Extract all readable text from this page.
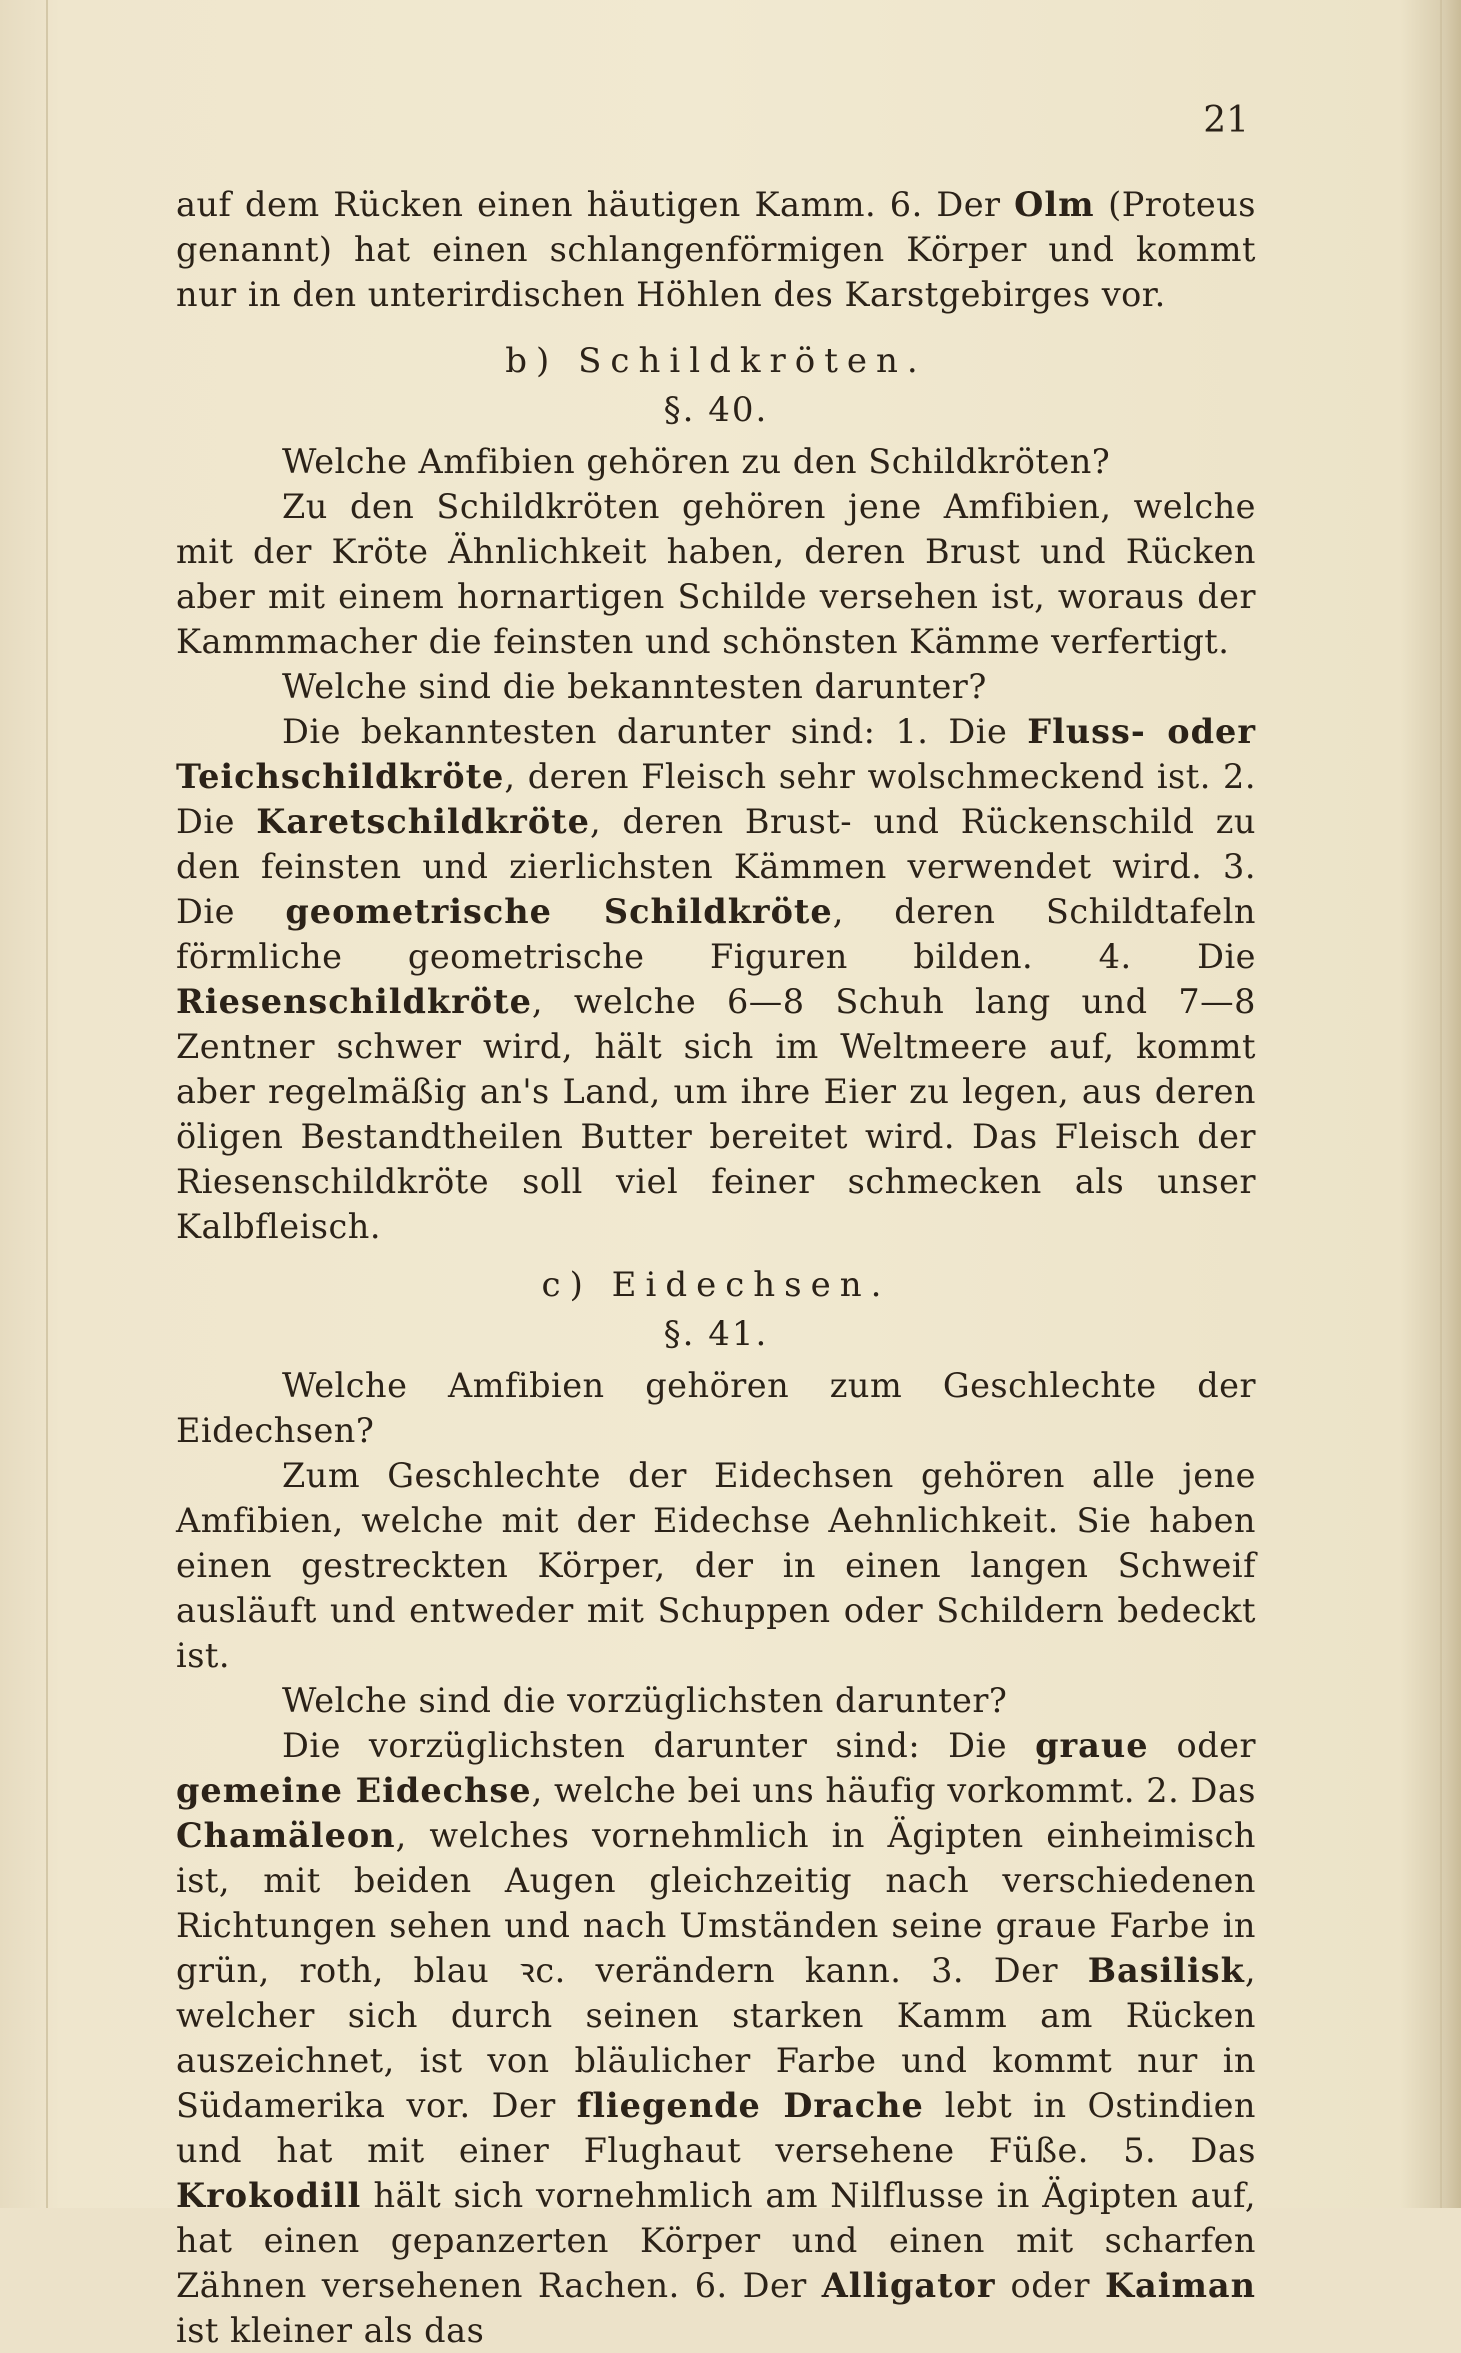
21

auf dem Rücken einen häutigen Kamm. 6. Der Olm (Proteus genannt) hat einen schlangenförmigen Körper und kommt nur in den unterirdischen Höhlen des Karstgebirges vor.

b) Schildkröten.

§. 40.

Welche Amfibien gehören zu den Schildkröten?

Zu den Schildkröten gehören jene Amfibien, welche mit der Kröte Ähnlichkeit haben, deren Brust und Rücken aber mit einem hornartigen Schilde versehen ist, woraus der Kammmacher die feinsten und schönsten Kämme verfertigt.

Welche sind die bekanntesten darunter?

Die bekanntesten darunter sind: 1. Die Fluss- oder Teichschildkröte, deren Fleisch sehr wolschmeckend ist. 2. Die Karetschildkröte, deren Brust- und Rückenschild zu den feinsten und zierlichsten Kämmen verwendet wird. 3. Die geometrische Schildkröte, deren Schildtafeln förmliche geometrische Figuren bilden. 4. Die Riesenschildkröte, welche 6—8 Schuh lang und 7—8 Zentner schwer wird, hält sich im Weltmeere auf, kommt aber regelmäßig an's Land, um ihre Eier zu legen, aus deren öligen Bestandtheilen Butter bereitet wird. Das Fleisch der Riesenschildkröte soll viel feiner schmecken als unser Kalbfleisch.

c) Eidechsen.

§. 41.

Welche Amfibien gehören zum Geschlechte der Eidechsen?

Zum Geschlechte der Eidechsen gehören alle jene Amfibien, welche mit der Eidechse Aehnlichkeit. Sie haben einen gestreckten Körper, der in einen langen Schweif ausläuft und entweder mit Schuppen oder Schildern bedeckt ist.

Welche sind die vorzüglichsten darunter?

Die vorzüglichsten darunter sind: Die graue oder gemeine Eidechse, welche bei uns häufig vorkommt. 2. Das Chamäleon, welches vornehmlich in Ägipten einheimisch ist, mit beiden Augen gleichzeitig nach verschiedenen Richtungen sehen und nach Umständen seine graue Farbe in grün, roth, blau ꝛc. verändern kann. 3. Der Basilisk, welcher sich durch seinen starken Kamm am Rücken auszeichnet, ist von bläulicher Farbe und kommt nur in Südamerika vor. Der fliegende Drache lebt in Ostindien und hat mit einer Flughaut versehene Füße. 5. Das Krokodill hält sich vornehmlich am Nilflusse in Ägipten auf, hat einen gepanzerten Körper und einen mit scharfen Zähnen versehenen Rachen. 6. Der Alligator oder Kaiman ist kleiner als das
